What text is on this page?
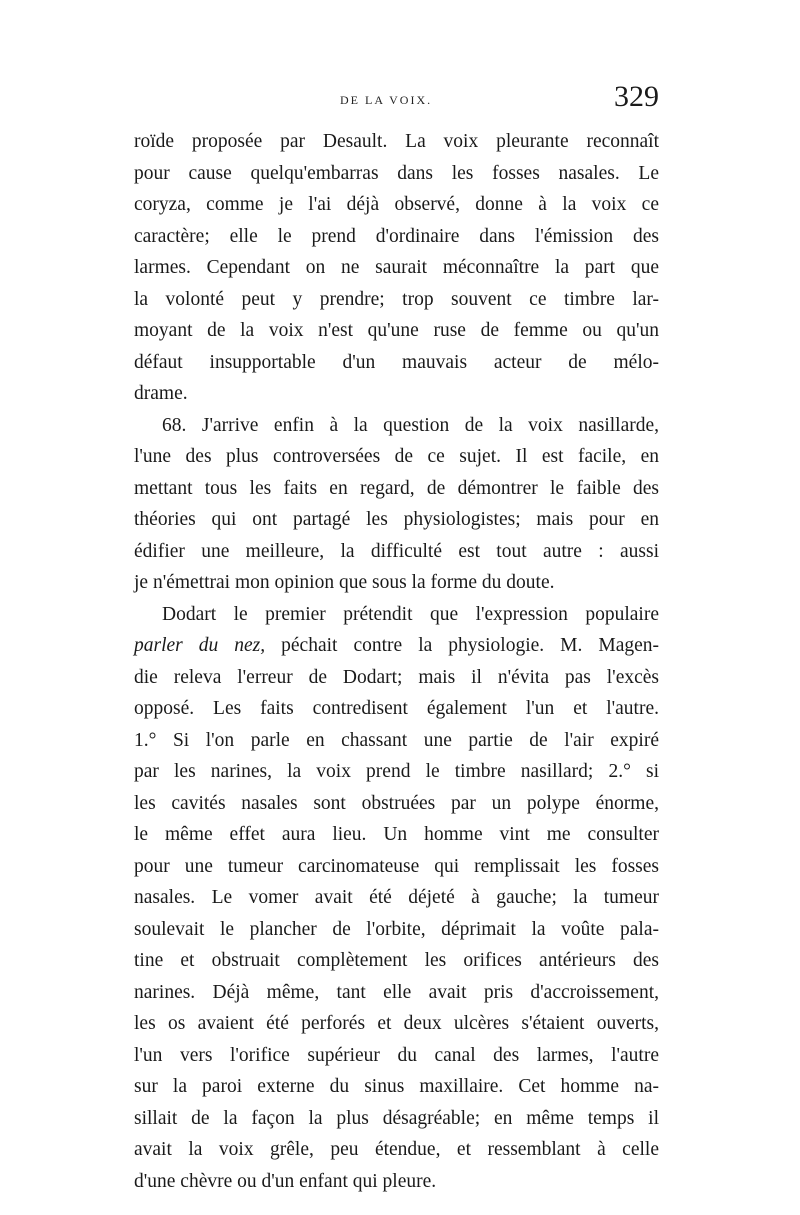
DE LA VOIX.	329
roïde proposée par Desault. La voix pleurante reconnaît
pour cause quelqu'embarras dans les fosses nasales. Le
coryza, comme je l'ai déjà observé, donne à la voix ce
caractère; elle le prend d'ordinaire dans l'émission des
larmes. Cependant on ne saurait méconnaître la part que
la volonté peut y prendre; trop souvent ce timbre lar-
moyant de la voix n'est qu'une ruse de femme ou qu'un
défaut insupportable d'un mauvais acteur de mélo-
drame.
68. J'arrive enfin à la question de la voix nasillarde,
l'une des plus controversées de ce sujet. Il est facile, en
mettant tous les faits en regard, de démontrer le faible des
théories qui ont partagé les physiologistes; mais pour en
édifier une meilleure, la difficulté est tout autre : aussi
je n'émettrai mon opinion que sous la forme du doute.
Dodart le premier prétendit que l'expression populaire
parler du nez, péchait contre la physiologie. M. Magen-
die releva l'erreur de Dodart; mais il n'évita pas l'excès
opposé. Les faits contredisent également l'un et l'autre.
1.° Si l'on parle en chassant une partie de l'air expiré
par les narines, la voix prend le timbre nasillard; 2.° si
les cavités nasales sont obstruées par un polype énorme,
le même effet aura lieu. Un homme vint me consulter
pour une tumeur carcinomateuse qui remplissait les fosses
nasales. Le vomer avait été déjeté à gauche; la tumeur
soulevait le plancher de l'orbite, déprimait la voûte pala-
tine et obstruait complètement les orifices antérieurs des
narines. Déjà même, tant elle avait pris d'accroissement,
les os avaient été perforés et deux ulcères s'étaient ouverts,
l'un vers l'orifice supérieur du canal des larmes, l'autre
sur la paroi externe du sinus maxillaire. Cet homme na-
sillait de la façon la plus désagréable; en même temps il
avait la voix grêle, peu étendue, et ressemblant à celle
d'une chèvre ou d'un enfant qui pleure.
